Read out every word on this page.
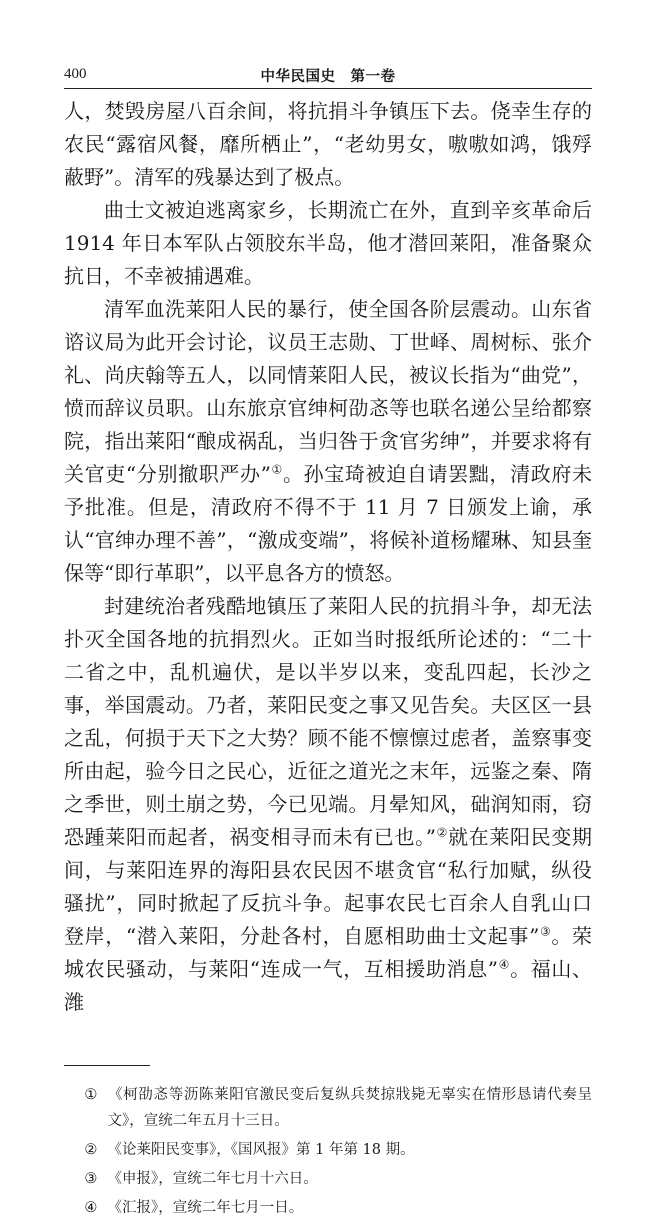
400	中华民国史　第一卷

人，焚毁房屋八百余间，将抗捐斗争镇压下去。侥幸生存的农民“露宿风餐，靡所栖止”，“老幼男女，嗷嗷如鸿，饿殍蔽野”。清军的残暴达到了极点。

曲士文被迫逃离家乡，长期流亡在外，直到辛亥革命后 1914 年日本军队占领胶东半岛，他才潜回莱阳，准备聚众抗日，不幸被捕遇难。

清军血洗莱阳人民的暴行，使全国各阶层震动。山东省谘议局为此开会讨论，议员王志勋、丁世峄、周树标、张介礼、尚庆翰等五人，以同情莱阳人民，被议长指为“曲党”，愤而辞议员职。山东旅京官绅柯劭忞等也联名递公呈给都察院，指出莱阳“酿成祸乱，当归咎于贪官劣绅”，并要求将有关官吏“分别撤职严办”①。孙宝琦被迫自请罢黜，清政府未予批准。但是，清政府不得不于 11 月 7 日颁发上谕，承认“官绅办理不善”，“激成变端”，将候补道杨耀琳、知县奎保等“即行革职”，以平息各方的愤怒。

封建统治者残酷地镇压了莱阳人民的抗捐斗争，却无法扑灭全国各地的抗捐烈火。正如当时报纸所论述的：“二十二省之中，乱机遍伏，是以半岁以来，变乱四起，长沙之事，举国震动。乃者，莱阳民变之事又见告矣。夫区区一县之乱，何损于天下之大势？顾不能不懔懔过虑者，盖察事变所由起，验今日之民心，近征之道光之末年，远鉴之秦、隋之季世，则土崩之势，今已见端。月晕知风，础润知雨，窃恐踵莱阳而起者，祸变相寻而未有已也。”②就在莱阳民变期间，与莱阳连界的海阳县农民因不堪贪官“私行加赋，纵役骚扰”，同时掀起了反抗斗争。起事农民七百余人自乳山口登岸，“潜入莱阳，分赴各村，自愿相助曲士文起事”③。荣城农民骚动，与莱阳“连成一气，互相援助消息”④。福山、潍

① 《柯劭忞等沥陈莱阳官激民变后复纵兵焚掠戕毙无辜实在情形恳请代奏呈文》，宣统二年五月十三日。

② 《论莱阳民变事》，《国风报》第 1 年第 18 期。

③ 《申报》，宣统二年七月十六日。

④ 《汇报》，宣统二年七月一日。
